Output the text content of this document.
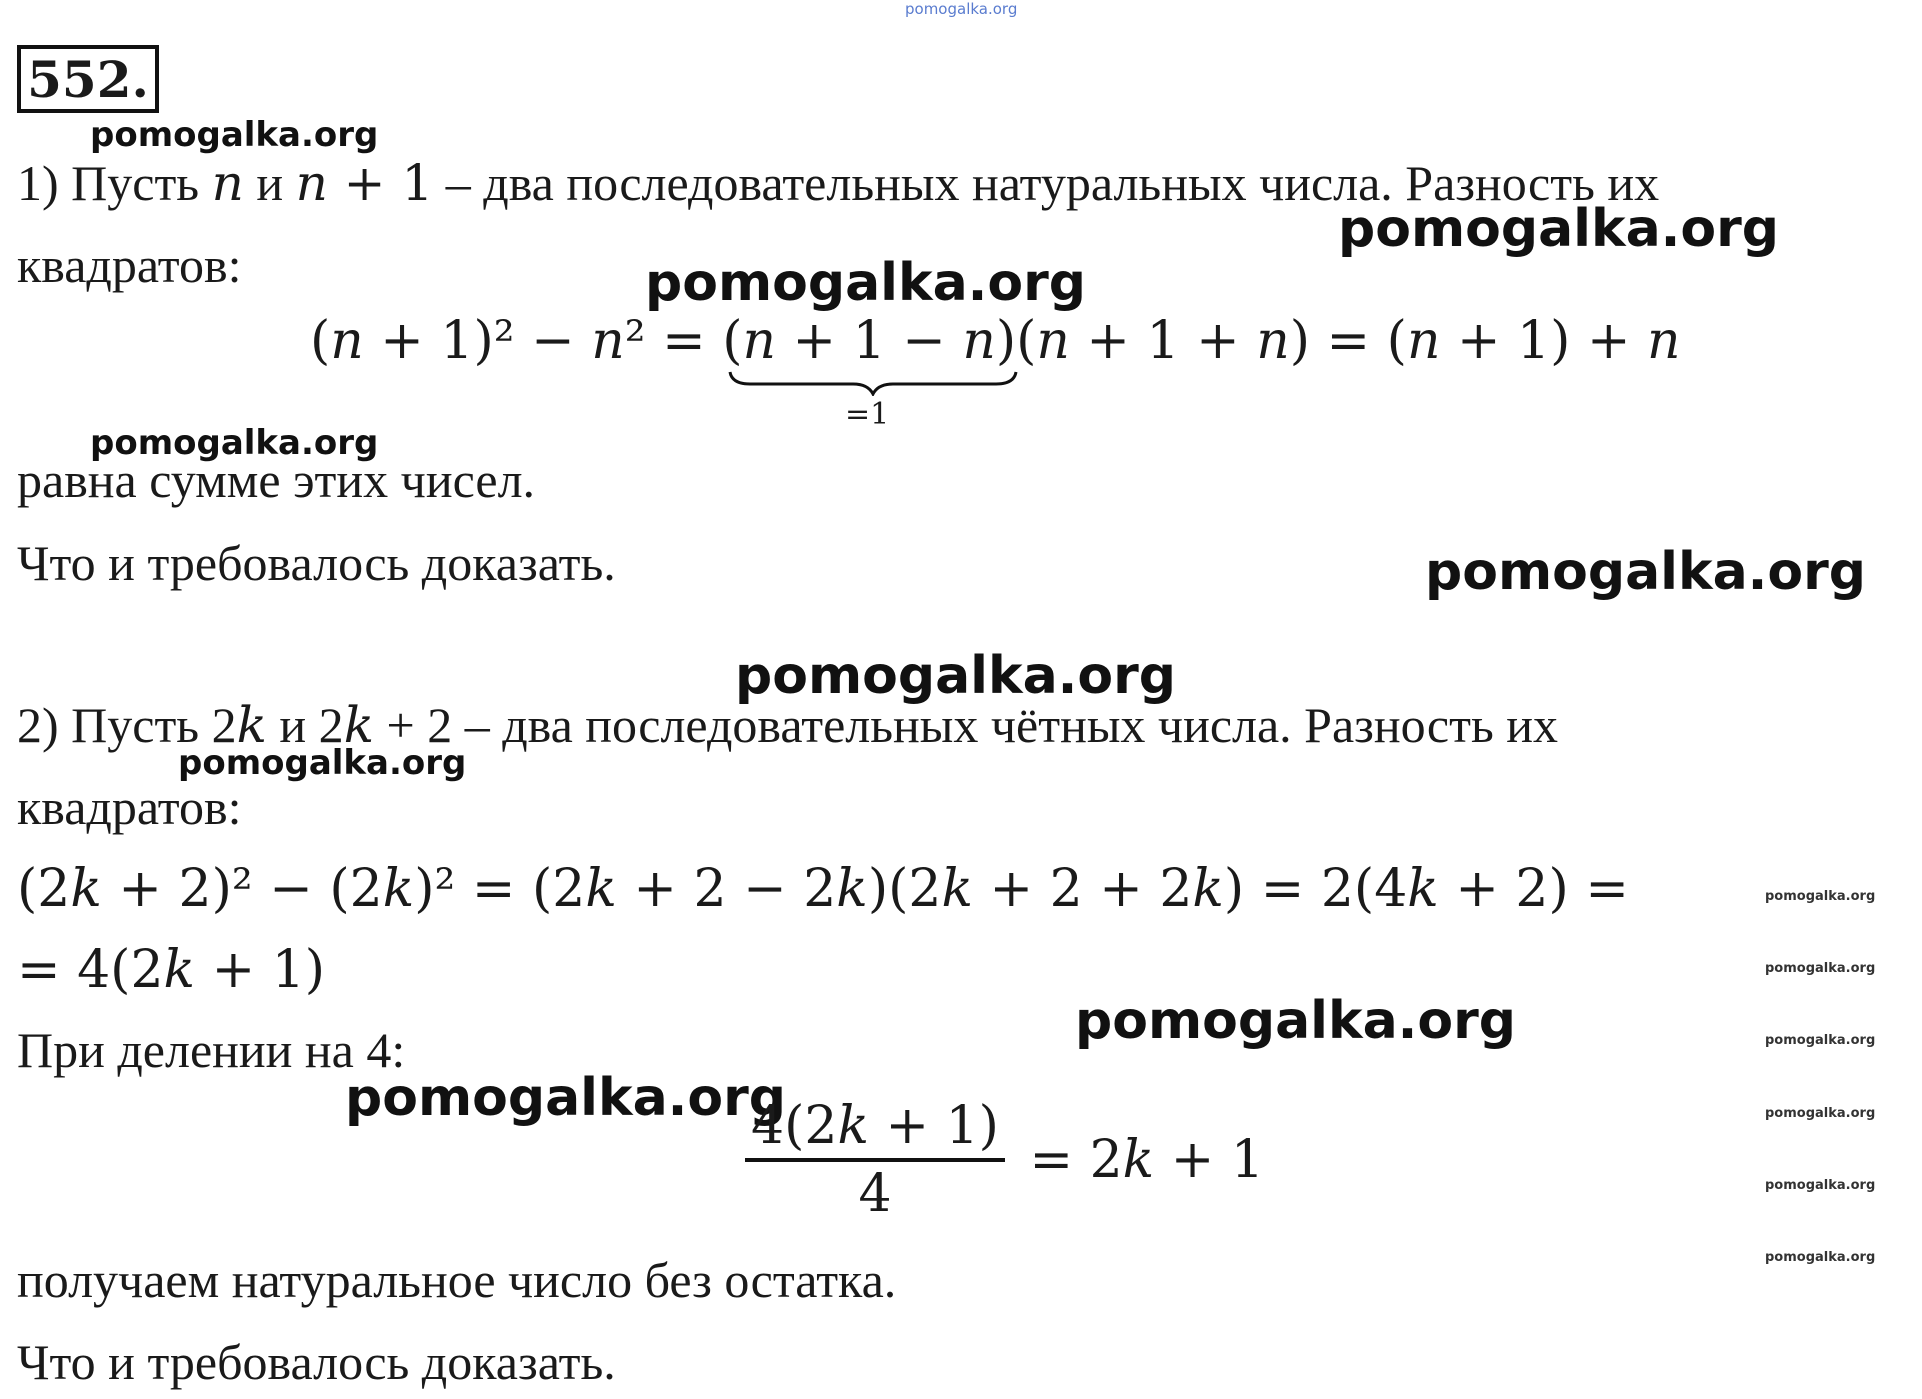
pomogalka.org
552.
pomogalka.org
pomogalka.org
pomogalka.org
pomogalka.org
pomogalka.org
1) Пусть n и n + 1 – два последовательных натуральных числа. Разность их
квадратов:
(𝑛 + 1)² − 𝑛² = (𝑛 + 1 − 𝑛)(𝑛 + 1 + 𝑛) = (𝑛 + 1) + 𝑛
=1
равна сумме этих чисел.
Что и требовалось доказать.
pomogalka.org
pomogalka.org
pomogalka.org
pomogalka.org
pomogalka.org
pomogalka.org
pomogalka.org
pomogalka.org
pomogalka.org
pomogalka.org
2) Пусть 2k и 2k + 2 – два последовательных чётных числа. Разность их
квадратов:
(2𝑘 + 2)² − (2𝑘)² = (2𝑘 + 2 − 2𝑘)(2𝑘 + 2 + 2𝑘) = 2(4𝑘 + 2) =
= 4(2𝑘 + 1)
При делении на 4:
$\frac{\text{4(2𝑘 + 1)}}{4}$ = 2𝑘 + 1
получаем натуральное число без остатка.
Что и требовалось доказать.
